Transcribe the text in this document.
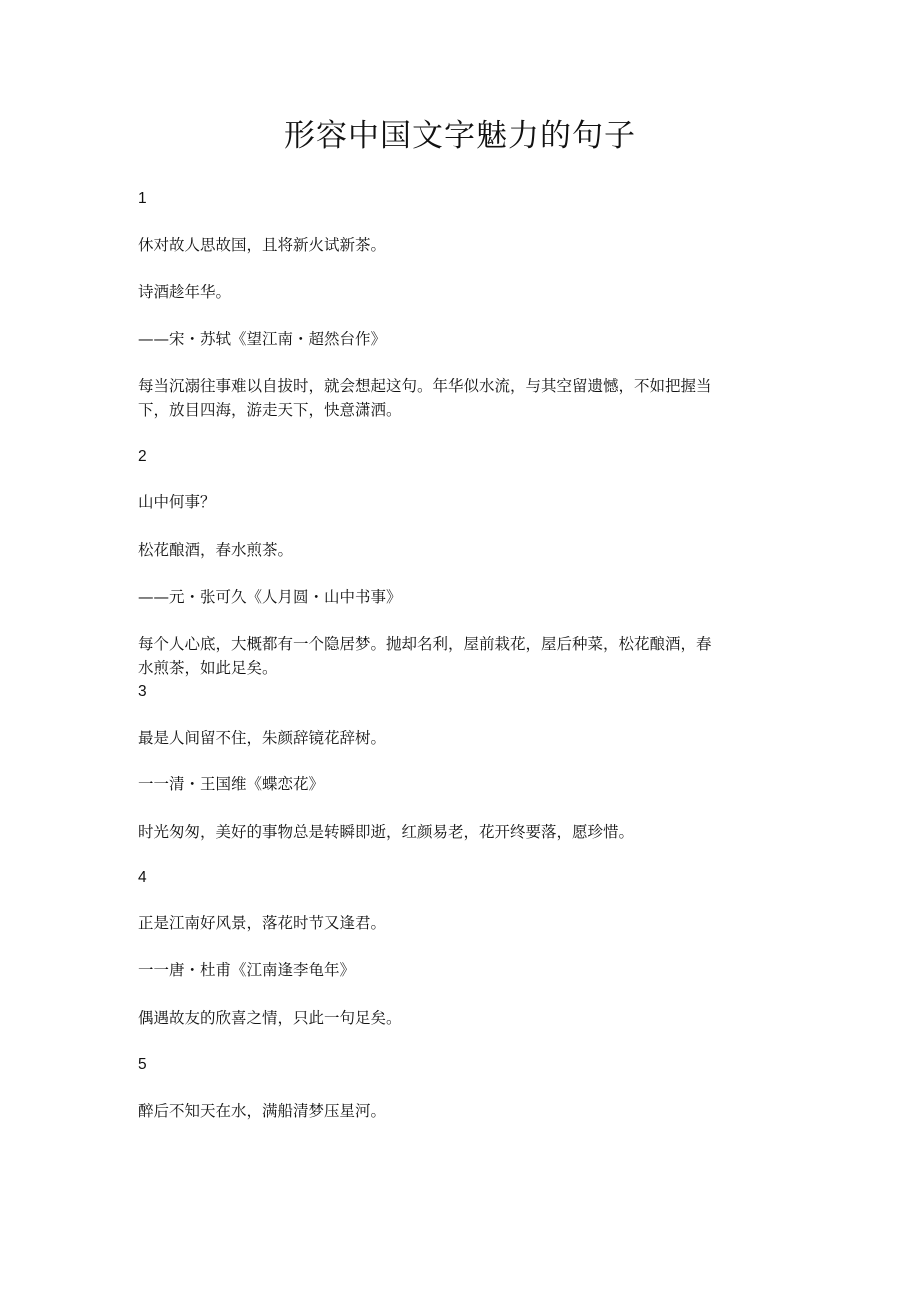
形容中国文字魅力的句子

1

休对故人思故国，且将新火试新茶。

诗酒趁年华。

——宋・苏轼《望江南・超然台作》

每当沉溺往事难以自拔时，就会想起这句。年华似水流，与其空留遗憾，不如把握当

下，放目四海，游走天下，快意潇洒。

2

山中何事？

松花酿酒，春水煎茶。

——元・张可久《人月圆・山中书事》

每个人心底，大概都有一个隐居梦。抛却名利，屋前栽花，屋后种菜，松花酿酒，春

水煎茶，如此足矣。

3

最是人间留不住，朱颜辞镜花辞树。

一一清・王国维《蝶恋花》

时光匆匆，美好的事物总是转瞬即逝，红颜易老，花开终要落，愿珍惜。

4

正是江南好风景，落花时节又逢君。

一一唐・杜甫《江南逢李龟年》

偶遇故友的欣喜之情，只此一句足矣。

5

醉后不知天在水，满船清梦压星河。
